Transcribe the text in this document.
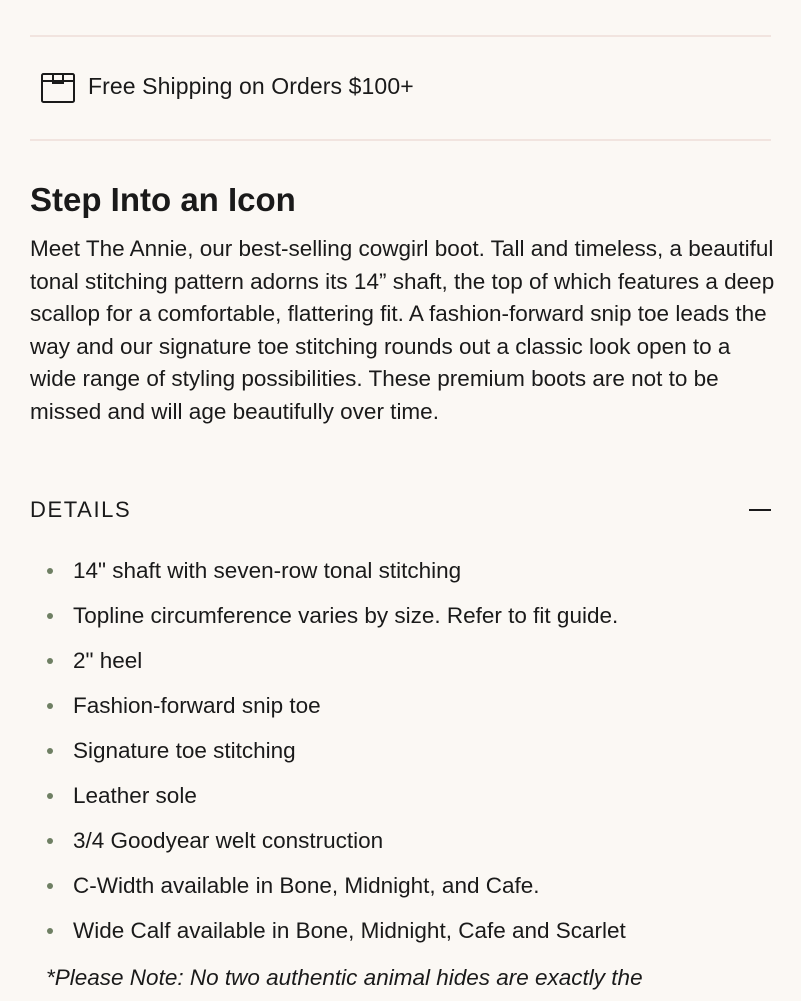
Free Shipping on Orders $100+
Step Into an Icon

Meet The Annie, our best-selling cowgirl boot. Tall and timeless, a beautiful tonal stitching pattern adorns its 14” shaft, the top of which features a deep scallop for a comfortable, flattering fit. A fashion-forward snip toe leads the way and our signature toe stitching rounds out a classic look open to a wide range of styling possibilities. These premium boots are not to be missed and will age beautifully over time.

DETAILS
14" shaft with seven-row tonal stitching
Topline circumference varies by size. Refer to fit guide.
2" heel
Fashion-forward snip toe
Signature toe stitching
Leather sole
3/4 Goodyear welt construction
C-Width available in Bone, Midnight, and Cafe.
Wide Calf available in Bone, Midnight, Cafe and Scarlet
*Please Note: No two authentic animal hides are exactly the
